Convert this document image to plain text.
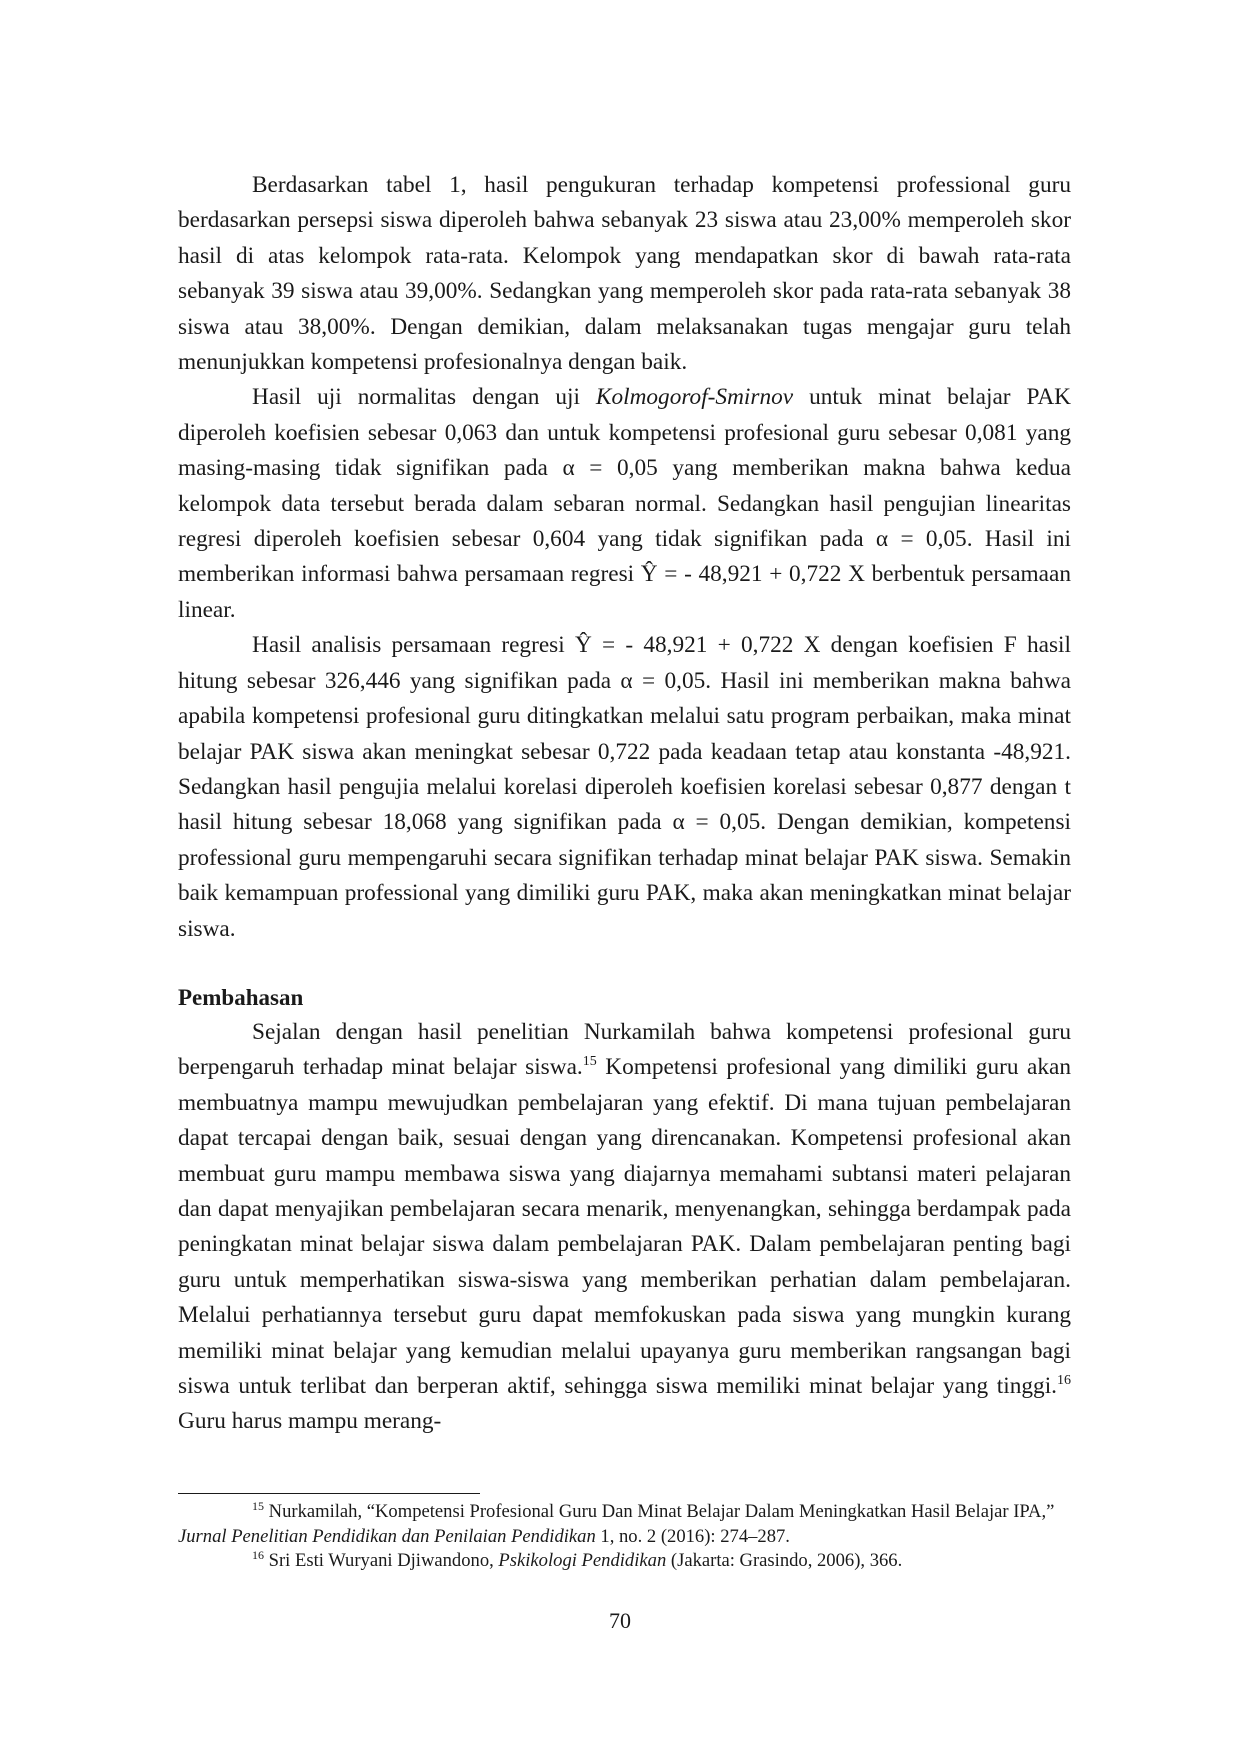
Berdasarkan tabel 1, hasil pengukuran terhadap kompetensi professional guru berdasarkan persepsi siswa diperoleh bahwa sebanyak 23 siswa atau 23,00% memperoleh skor hasil di atas kelompok rata-rata. Kelompok yang mendapatkan skor di bawah rata-rata sebanyak 39 siswa atau 39,00%. Sedangkan yang memperoleh skor pada rata-rata sebanyak 38 siswa atau 38,00%. Dengan demikian, dalam melaksanakan tugas mengajar guru telah menunjukkan kompetensi profesionalnya dengan baik.

Hasil uji normalitas dengan uji Kolmogorof-Smirnov untuk minat belajar PAK diperoleh koefisien sebesar 0,063 dan untuk kompetensi profesional guru sebesar 0,081 yang masing-masing tidak signifikan pada α = 0,05 yang memberikan makna bahwa kedua kelompok data tersebut berada dalam sebaran normal. Sedangkan hasil pengujian linearitas regresi diperoleh koefisien sebesar 0,604 yang tidak signifikan pada α = 0,05. Hasil ini memberikan informasi bahwa persamaan regresi Ŷ = - 48,921 + 0,722 X berbentuk persamaan linear.

Hasil analisis persamaan regresi Ŷ = - 48,921 + 0,722 X dengan koefisien F hasil hitung sebesar 326,446 yang signifikan pada α = 0,05. Hasil ini memberikan makna bahwa apabila kompetensi profesional guru ditingkatkan melalui satu program perbaikan, maka minat belajar PAK siswa akan meningkat sebesar 0,722 pada keadaan tetap atau konstanta -48,921. Sedangkan hasil pengujia melalui korelasi diperoleh koefisien korelasi sebesar 0,877 dengan t hasil hitung sebesar 18,068 yang signifikan pada α = 0,05. Dengan demikian, kompetensi professional guru mempengaruhi secara signifikan terhadap minat belajar PAK siswa. Semakin baik kemampuan professional yang dimiliki guru PAK, maka akan meningkatkan minat belajar siswa.

Pembahasan

Sejalan dengan hasil penelitian Nurkamilah bahwa kompetensi profesional guru berpengaruh terhadap minat belajar siswa.$^{15}$ Kompetensi profesional yang dimiliki guru akan membuatnya mampu mewujudkan pembelajaran yang efektif. Di mana tujuan pembelajaran dapat tercapai dengan baik, sesuai dengan yang direncanakan. Kompetensi profesional akan membuat guru mampu membawa siswa yang diajarnya memahami subtansi materi pelajaran dan dapat menyajikan pembelajaran secara menarik, menyenangkan, sehingga berdampak pada peningkatan minat belajar siswa dalam pembelajaran PAK. Dalam pembelajaran penting bagi guru untuk memperhatikan siswa-siswa yang memberikan perhatian dalam pembelajaran. Melalui perhatiannya tersebut guru dapat memfokuskan pada siswa yang mungkin kurang memiliki minat belajar yang kemudian melalui upayanya guru memberikan rangsangan bagi siswa untuk terlibat dan berperan aktif, sehingga siswa memiliki minat belajar yang tinggi.$^{16}$ Guru harus mampu merang-

$^{15}$ Nurkamilah, “Kompetensi Profesional Guru Dan Minat Belajar Dalam Meningkatkan Hasil Belajar IPA,” Jurnal Penelitian Pendidikan dan Penilaian Pendidikan 1, no. 2 (2016): 274–287.

$^{16}$ Sri Esti Wuryani Djiwandono, Pskikologi Pendidikan (Jakarta: Grasindo, 2006), 366.

70
